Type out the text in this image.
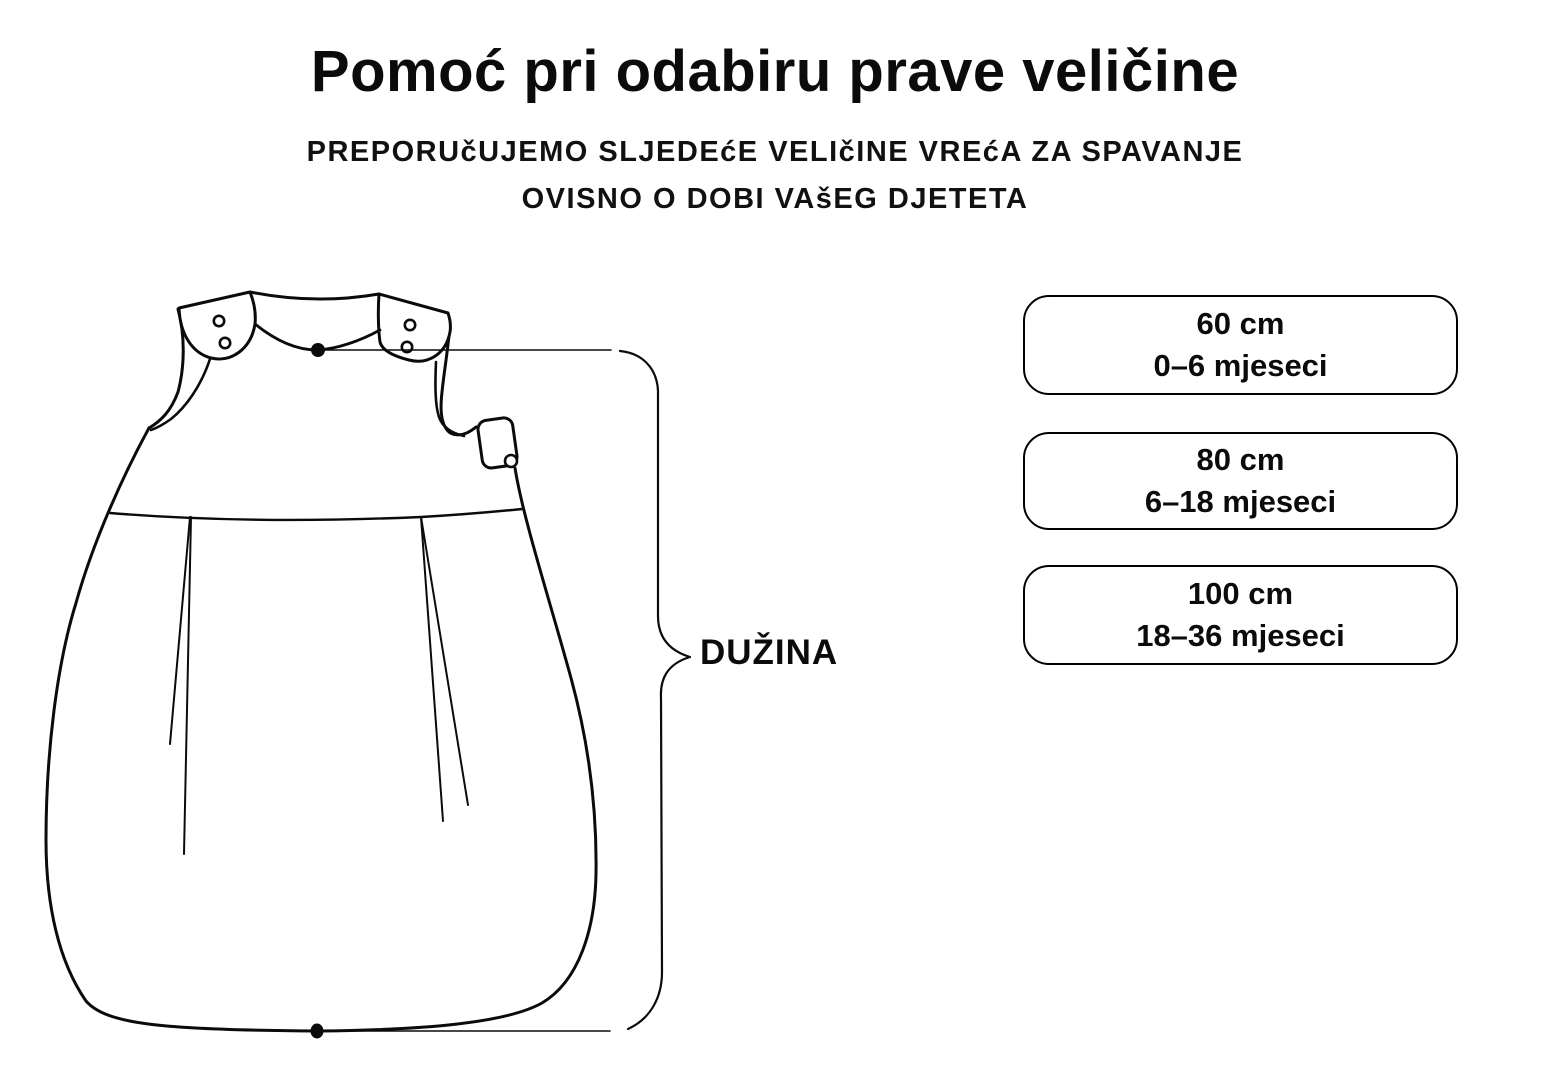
Pomoć pri odabiru prave veličine
PREPORUčUJEMO SLJEDEćE VELIčINE VREćA ZA SPAVANJE
OVISNO O DOBI VAšEG DJETETA
DUŽINA
60 cm
0–6 mjeseci
80 cm
6–18 mjeseci
100 cm
18–36 mjeseci
